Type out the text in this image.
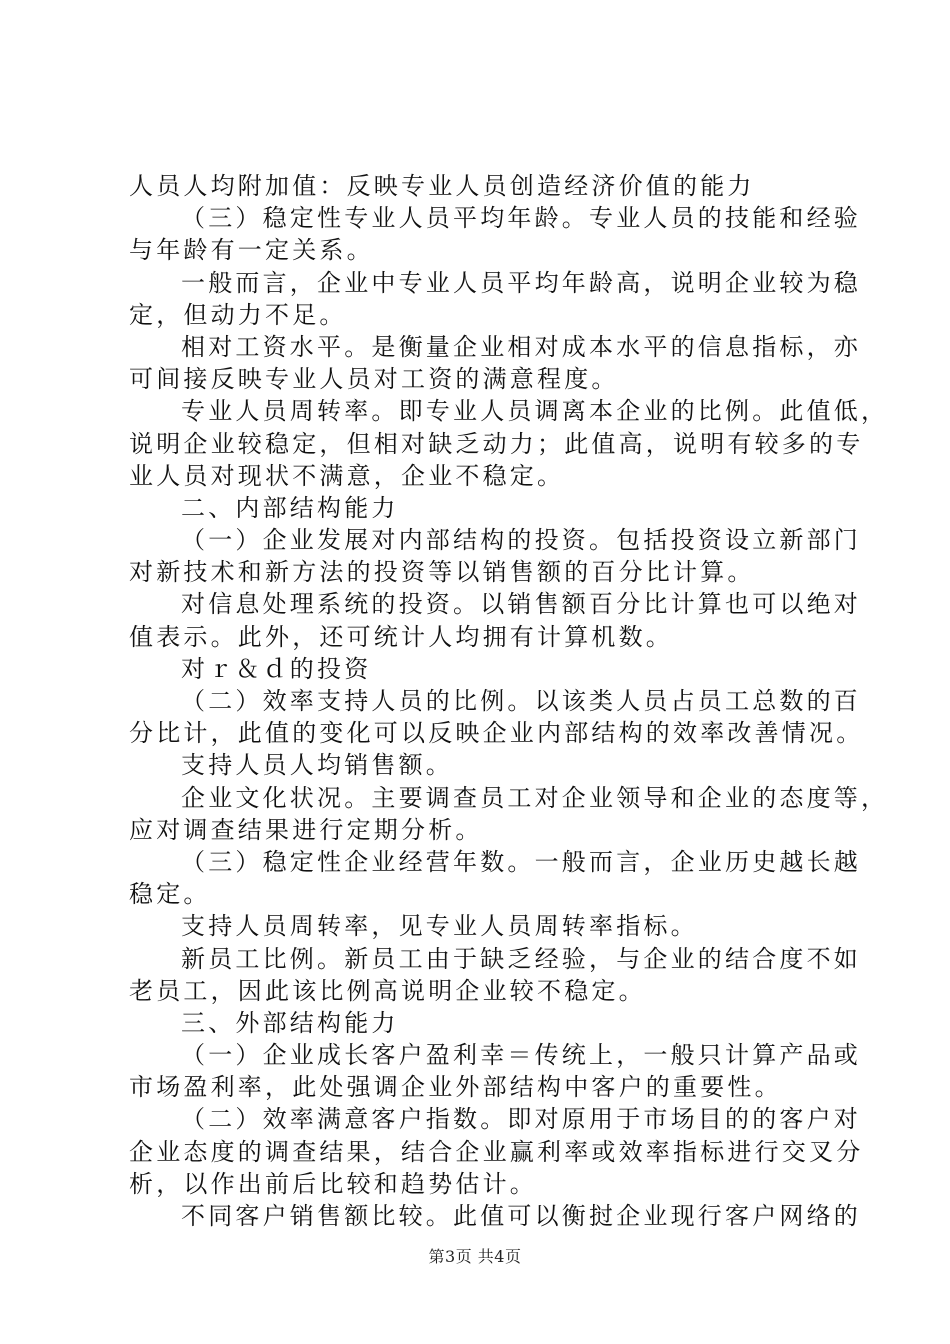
人员人均附加值：反映专业人员创造经济价值的能力
（三）稳定性专业人员平均年龄。专业人员的技能和经验
与年龄有一定关系。
一般而言，企业中专业人员平均年龄高，说明企业较为稳
定，但动力不足。
相对工资水平。是衡量企业相对成本水平的信息指标，亦
可间接反映专业人员对工资的满意程度。
专业人员周转率。即专业人员调离本企业的比例。此值低，
说明企业较稳定，但相对缺乏动力；此值高，说明有较多的专
业人员对现状不满意，企业不稳定。
二、内部结构能力
（一）企业发展对内部结构的投资。包括投资设立新部门
对新技术和新方法的投资等以销售额的百分比计算。
对信息处理系统的投资。以销售额百分比计算也可以绝对
值表示。此外，还可统计人均拥有计算机数。
对ｒ＆ｄ的投资
（二）效率支持人员的比例。以该类人员占员工总数的百
分比计，此值的变化可以反映企业内部结构的效率改善情况。
支持人员人均销售额。
企业文化状况。主要调查员工对企业领导和企业的态度等，
应对调查结果进行定期分析。
（三）稳定性企业经营年数。一般而言，企业历史越长越
稳定。
支持人员周转率，见专业人员周转率指标。
新员工比例。新员工由于缺乏经验，与企业的结合度不如
老员工，因此该比例高说明企业较不稳定。
三、外部结构能力
（一）企业成长客户盈利幸＝传统上，一般只计算产品或
市场盈利率，此处强调企业外部结构中客户的重要性。
（二）效率满意客户指数。即对原用于市场目的的客户对
企业态度的调查结果，结合企业赢利率或效率指标进行交叉分
析，以作出前后比较和趋势估计。
不同客户销售额比较。此值可以衡挝企业现行客户网络的
第3页 共4页
